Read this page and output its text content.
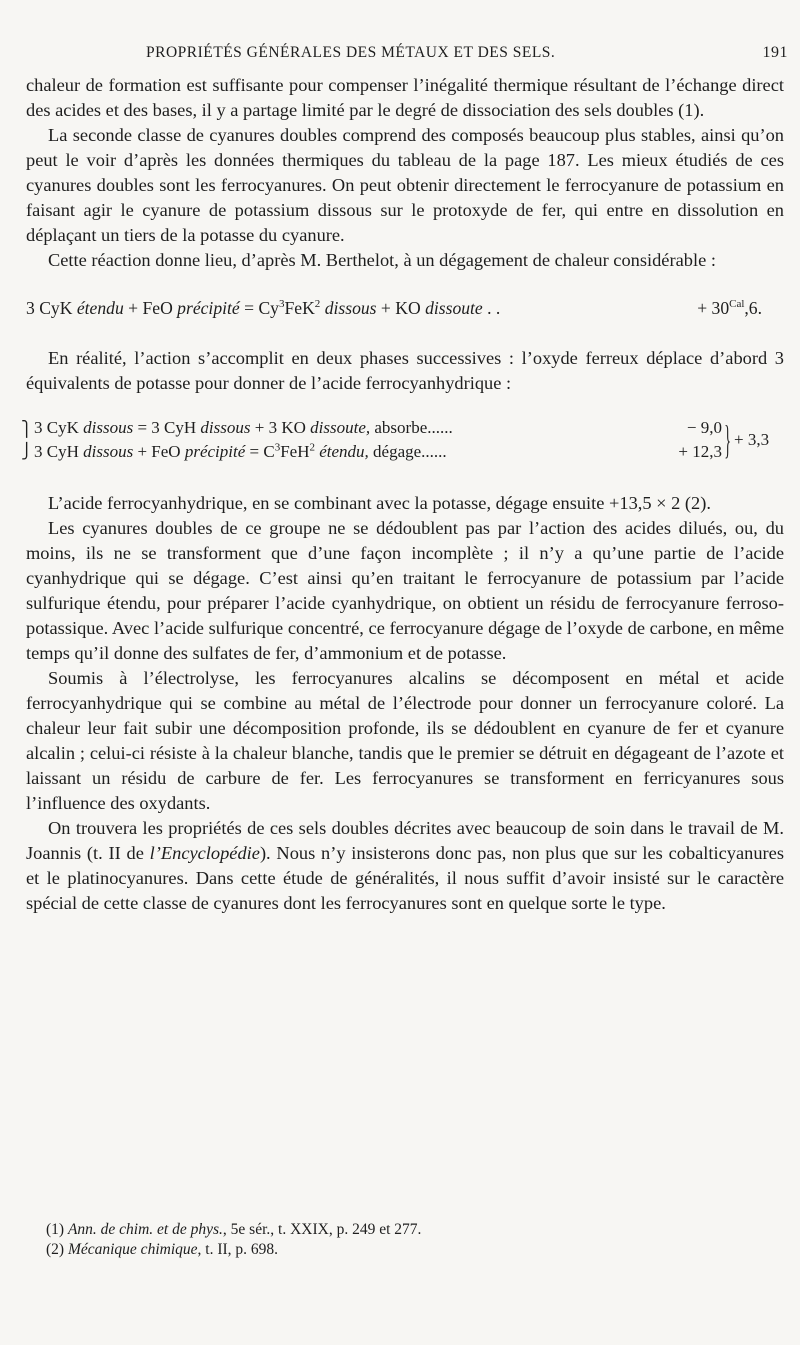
PROPRIÉTÉS GÉNÉRALES DES MÉTAUX ET DES SELS.	191

chaleur de formation est suffisante pour compenser l’inégalité thermique résultant de l’échange direct des acides et des bases, il y a partage limité par le degré de dissociation des sels doubles (1).

La seconde classe de cyanures doubles comprend des composés beaucoup plus stables, ainsi qu’on peut le voir d’après les données thermiques du tableau de la page 187. Les mieux étudiés de ces cyanures doubles sont les ferrocyanures. On peut obtenir directement le ferrocyanure de potassium en faisant agir le cyanure de potassium dissous sur le protoxyde de fer, qui entre en dissolution en déplaçant un tiers de la potasse du cyanure.

Cette réaction donne lieu, d’après M. Berthelot, à un dégagement de chaleur considérable :

3 CyK étendu + FeO précipité = $Cy^3FeK^2$ dissous + KO dissoute . .	+ $30^{Cal},6$.

En réalité, l’action s’accomplit en deux phases successives : l’oxyde ferreux déplace d’abord 3 équivalents de potasse pour donner de l’acide ferrocyanhydrique :

⎫ 3 CyK dissous = 3 CyH dissous + 3 KO dissoute, absorbe......	− 9,0
⎭ 3 CyH dissous + FeO précipité = $C^3FeH^2$ étendu, dégage......	+ 12,3 } + 3,3

L’acide ferrocyanhydrique, en se combinant avec la potasse, dégage ensuite +13,5 × 2 (2).

Les cyanures doubles de ce groupe ne se dédoublent pas par l’action des acides dilués, ou, du moins, ils ne se transforment que d’une façon incomplète ; il n’y a qu’une partie de l’acide cyanhydrique qui se dégage. C’est ainsi qu’en traitant le ferrocyanure de potassium par l’acide sulfurique étendu, pour préparer l’acide cyanhydrique, on obtient un résidu de ferrocyanure ferroso-potassique. Avec l’acide sulfurique concentré, ce ferrocyanure dégage de l’oxyde de carbone, en même temps qu’il donne des sulfates de fer, d’ammonium et de potasse.

Soumis à l’électrolyse, les ferrocyanures alcalins se décomposent en métal et acide ferrocyanhydrique qui se combine au métal de l’électrode pour donner un ferrocyanure coloré. La chaleur leur fait subir une décomposition profonde, ils se dédoublent en cyanure de fer et cyanure alcalin ; celui-ci résiste à la chaleur blanche, tandis que le premier se détruit en dégageant de l’azote et laissant un résidu de carbure de fer. Les ferrocyanures se transforment en ferricyanures sous l’influence des oxydants.

On trouvera les propriétés de ces sels doubles décrites avec beaucoup de soin dans le travail de M. Joannis (t. II de l’Encyclopédie). Nous n’y insisterons donc pas, non plus que sur les cobalticyanures et le platinocyanures. Dans cette étude de généralités, il nous suffit d’avoir insisté sur le caractère spécial de cette classe de cyanures dont les ferrocyanures sont en quelque sorte le type.

(1) Ann. de chim. et de phys., 5e sér., t. XXIX, p. 249 et 277.
(2) Mécanique chimique, t. II, p. 698.
